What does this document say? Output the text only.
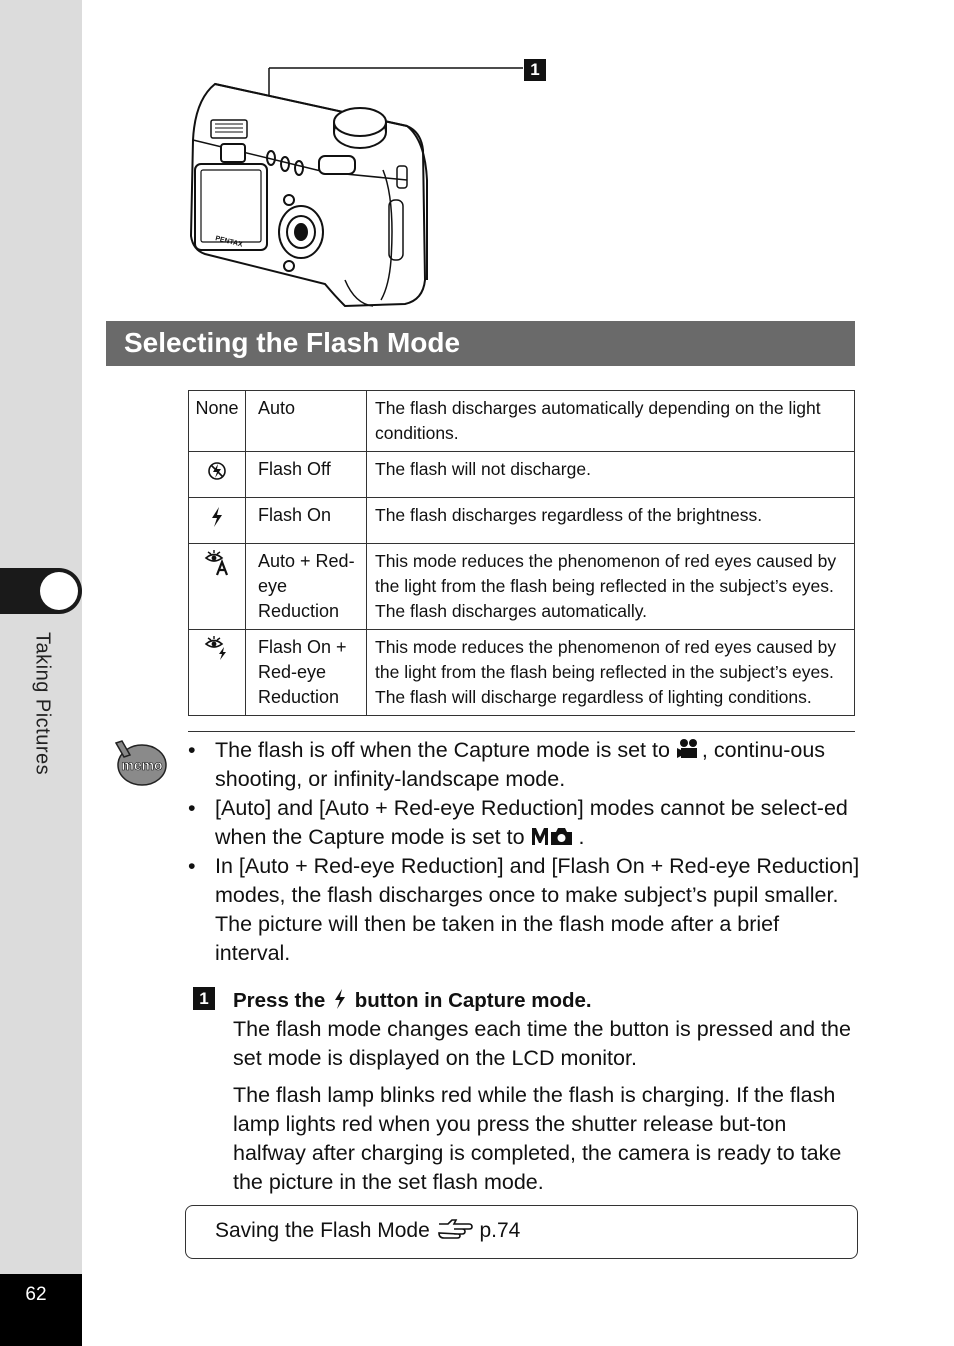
Taking Pictures
62
PENTAX
1
Selecting the Flash Mode
None	Auto	The flash discharges automatically depending on the light conditions.
	Flash Off	The flash will not discharge.
	Flash On	The flash discharges regardless of the brightness.
	Auto + Red-eye Reduction	This mode reduces the phenomenon of red eyes caused by the light from the flash being reflected in the subject’s eyes. The flash discharges automatically.
	Flash On + Red-eye Reduction	This mode reduces the phenomenon of red eyes caused by the light from the flash being reflected in the subject’s eyes. The flash will discharge regardless of lighting conditions.
memo
• The flash is off when the Capture mode is set to , continu-ous shooting, or infinity-landscape mode.
• [Auto] and [Auto + Red-eye Reduction] modes cannot be select-ed when the Capture mode is set to	.
• In [Auto + Red-eye Reduction] and [Flash On + Red-eye Reduction] modes, the flash discharges once to make subject’s pupil smaller. The picture will then be taken in the flash mode after a brief interval.
1	Press the button in Capture mode.

The flash mode changes each time the button is pressed and the set mode is displayed on the LCD monitor.

The flash lamp blinks red while the flash is charging. If the flash lamp lights red when you press the shutter release but-ton halfway after charging is completed, the camera is ready to take the picture in the set flash mode.

Saving the Flash Mode p.74
